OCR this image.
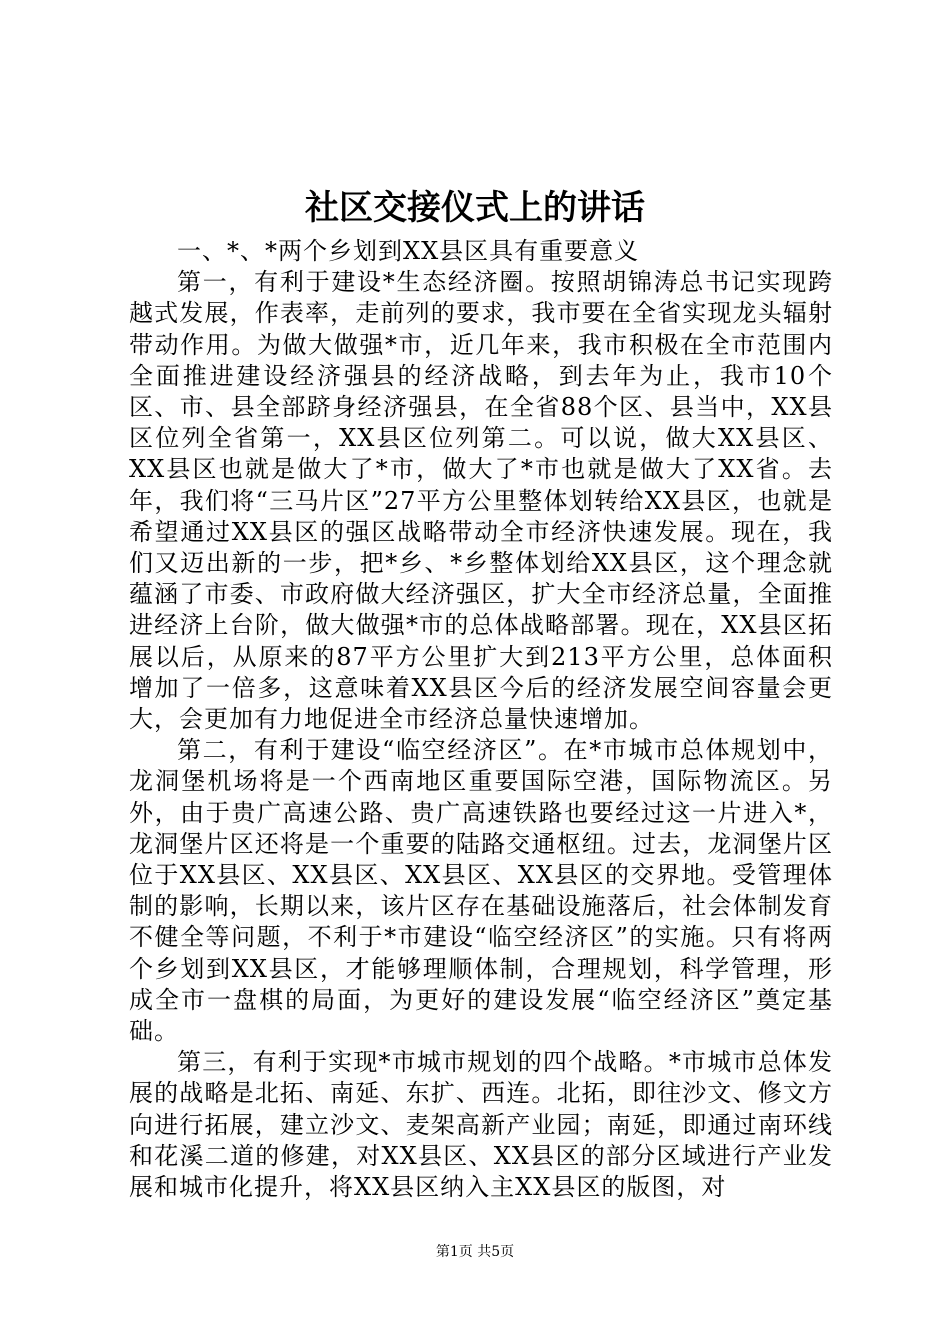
社区交接仪式上的讲话

一、*、*两个乡划到XX县区具有重要意义

第一，有利于建设*生态经济圈。按照胡锦涛总书记实现跨越式发展，作表率，走前列的要求，我市要在全省实现龙头辐射带动作用。为做大做强*市，近几年来，我市积极在全市范围内全面推进建设经济强县的经济战略，到去年为止，我市10个区、市、县全部跻身经济强县，在全省88个区、县当中，XX县区位列全省第一，XX县区位列第二。可以说，做大XX县区、XX县区也就是做大了*市，做大了*市也就是做大了XX省。去年，我们将“三马片区”27平方公里整体划转给XX县区，也就是希望通过XX县区的强区战略带动全市经济快速发展。现在，我们又迈出新的一步，把*乡、*乡整体划给XX县区，这个理念就蕴涵了市委、市政府做大经济强区，扩大全市经济总量，全面推进经济上台阶，做大做强*市的总体战略部署。现在，XX县区拓展以后，从原来的87平方公里扩大到213平方公里，总体面积增加了一倍多，这意味着XX县区今后的经济发展空间容量会更大，会更加有力地促进全市经济总量快速增加。

第二，有利于建设“临空经济区”。在*市城市总体规划中，龙洞堡机场将是一个西南地区重要国际空港，国际物流区。另外，由于贵广高速公路、贵广高速铁路也要经过这一片进入*，龙洞堡片区还将是一个重要的陆路交通枢纽。过去，龙洞堡片区位于XX县区、XX县区、XX县区、XX县区的交界地。受管理体制的影响，长期以来，该片区存在基础设施落后，社会体制发育不健全等问题，不利于*市建设“临空经济区”的实施。只有将两个乡划到XX县区，才能够理顺体制，合理规划，科学管理，形成全市一盘棋的局面，为更好的建设发展“临空经济区”奠定基础。

第三，有利于实现*市城市规划的四个战略。*市城市总体发展的战略是北拓、南延、东扩、西连。北拓，即往沙文、修文方向进行拓展，建立沙文、麦架高新产业园；南延，即通过南环线和花溪二道的修建，对XX县区、XX县区的部分区域进行产业发展和城市化提升，将XX县区纳入主XX县区的版图，对

第1页 共5页
